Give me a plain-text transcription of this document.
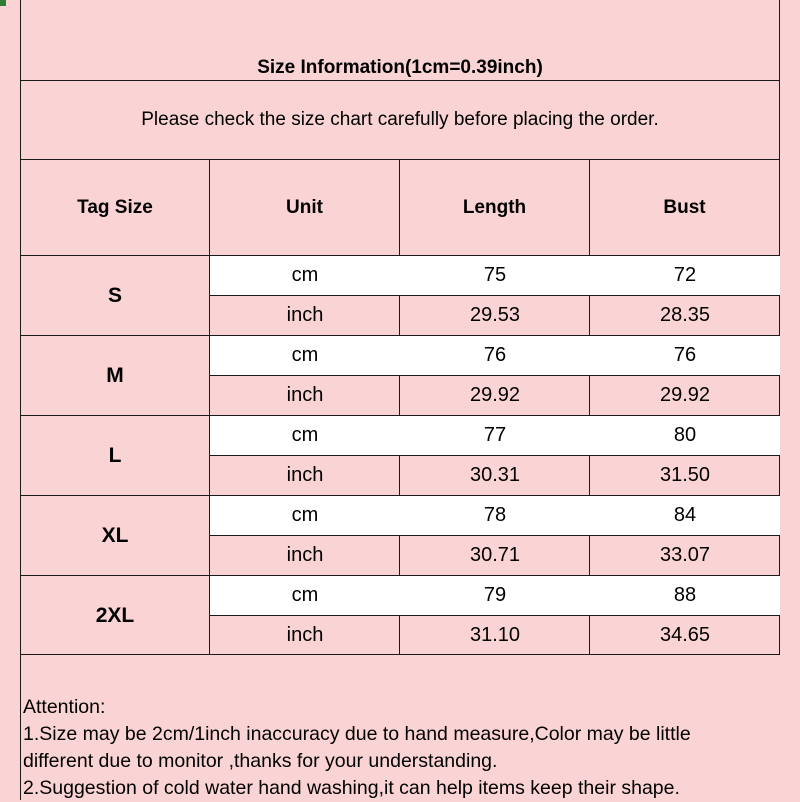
Size Information(1cm=0.39inch)
Please check the size chart carefully before placing the order.
Tag Size	Unit	Length	Bust
S
cm	75	72
inch	29.53	28.35
M
cm	76	76
inch	29.92	29.92
L
cm	77	80
inch	30.31	31.50
XL
cm	78	84
inch	30.71	33.07
2XL
cm	79	88
inch	31.10	34.65
Attention:
1.Size may be 2cm/1inch inaccuracy due to hand measure,Color may be little
different due to monitor ,thanks for your understanding.
2.Suggestion of cold water hand washing,it can help items keep their shape.
